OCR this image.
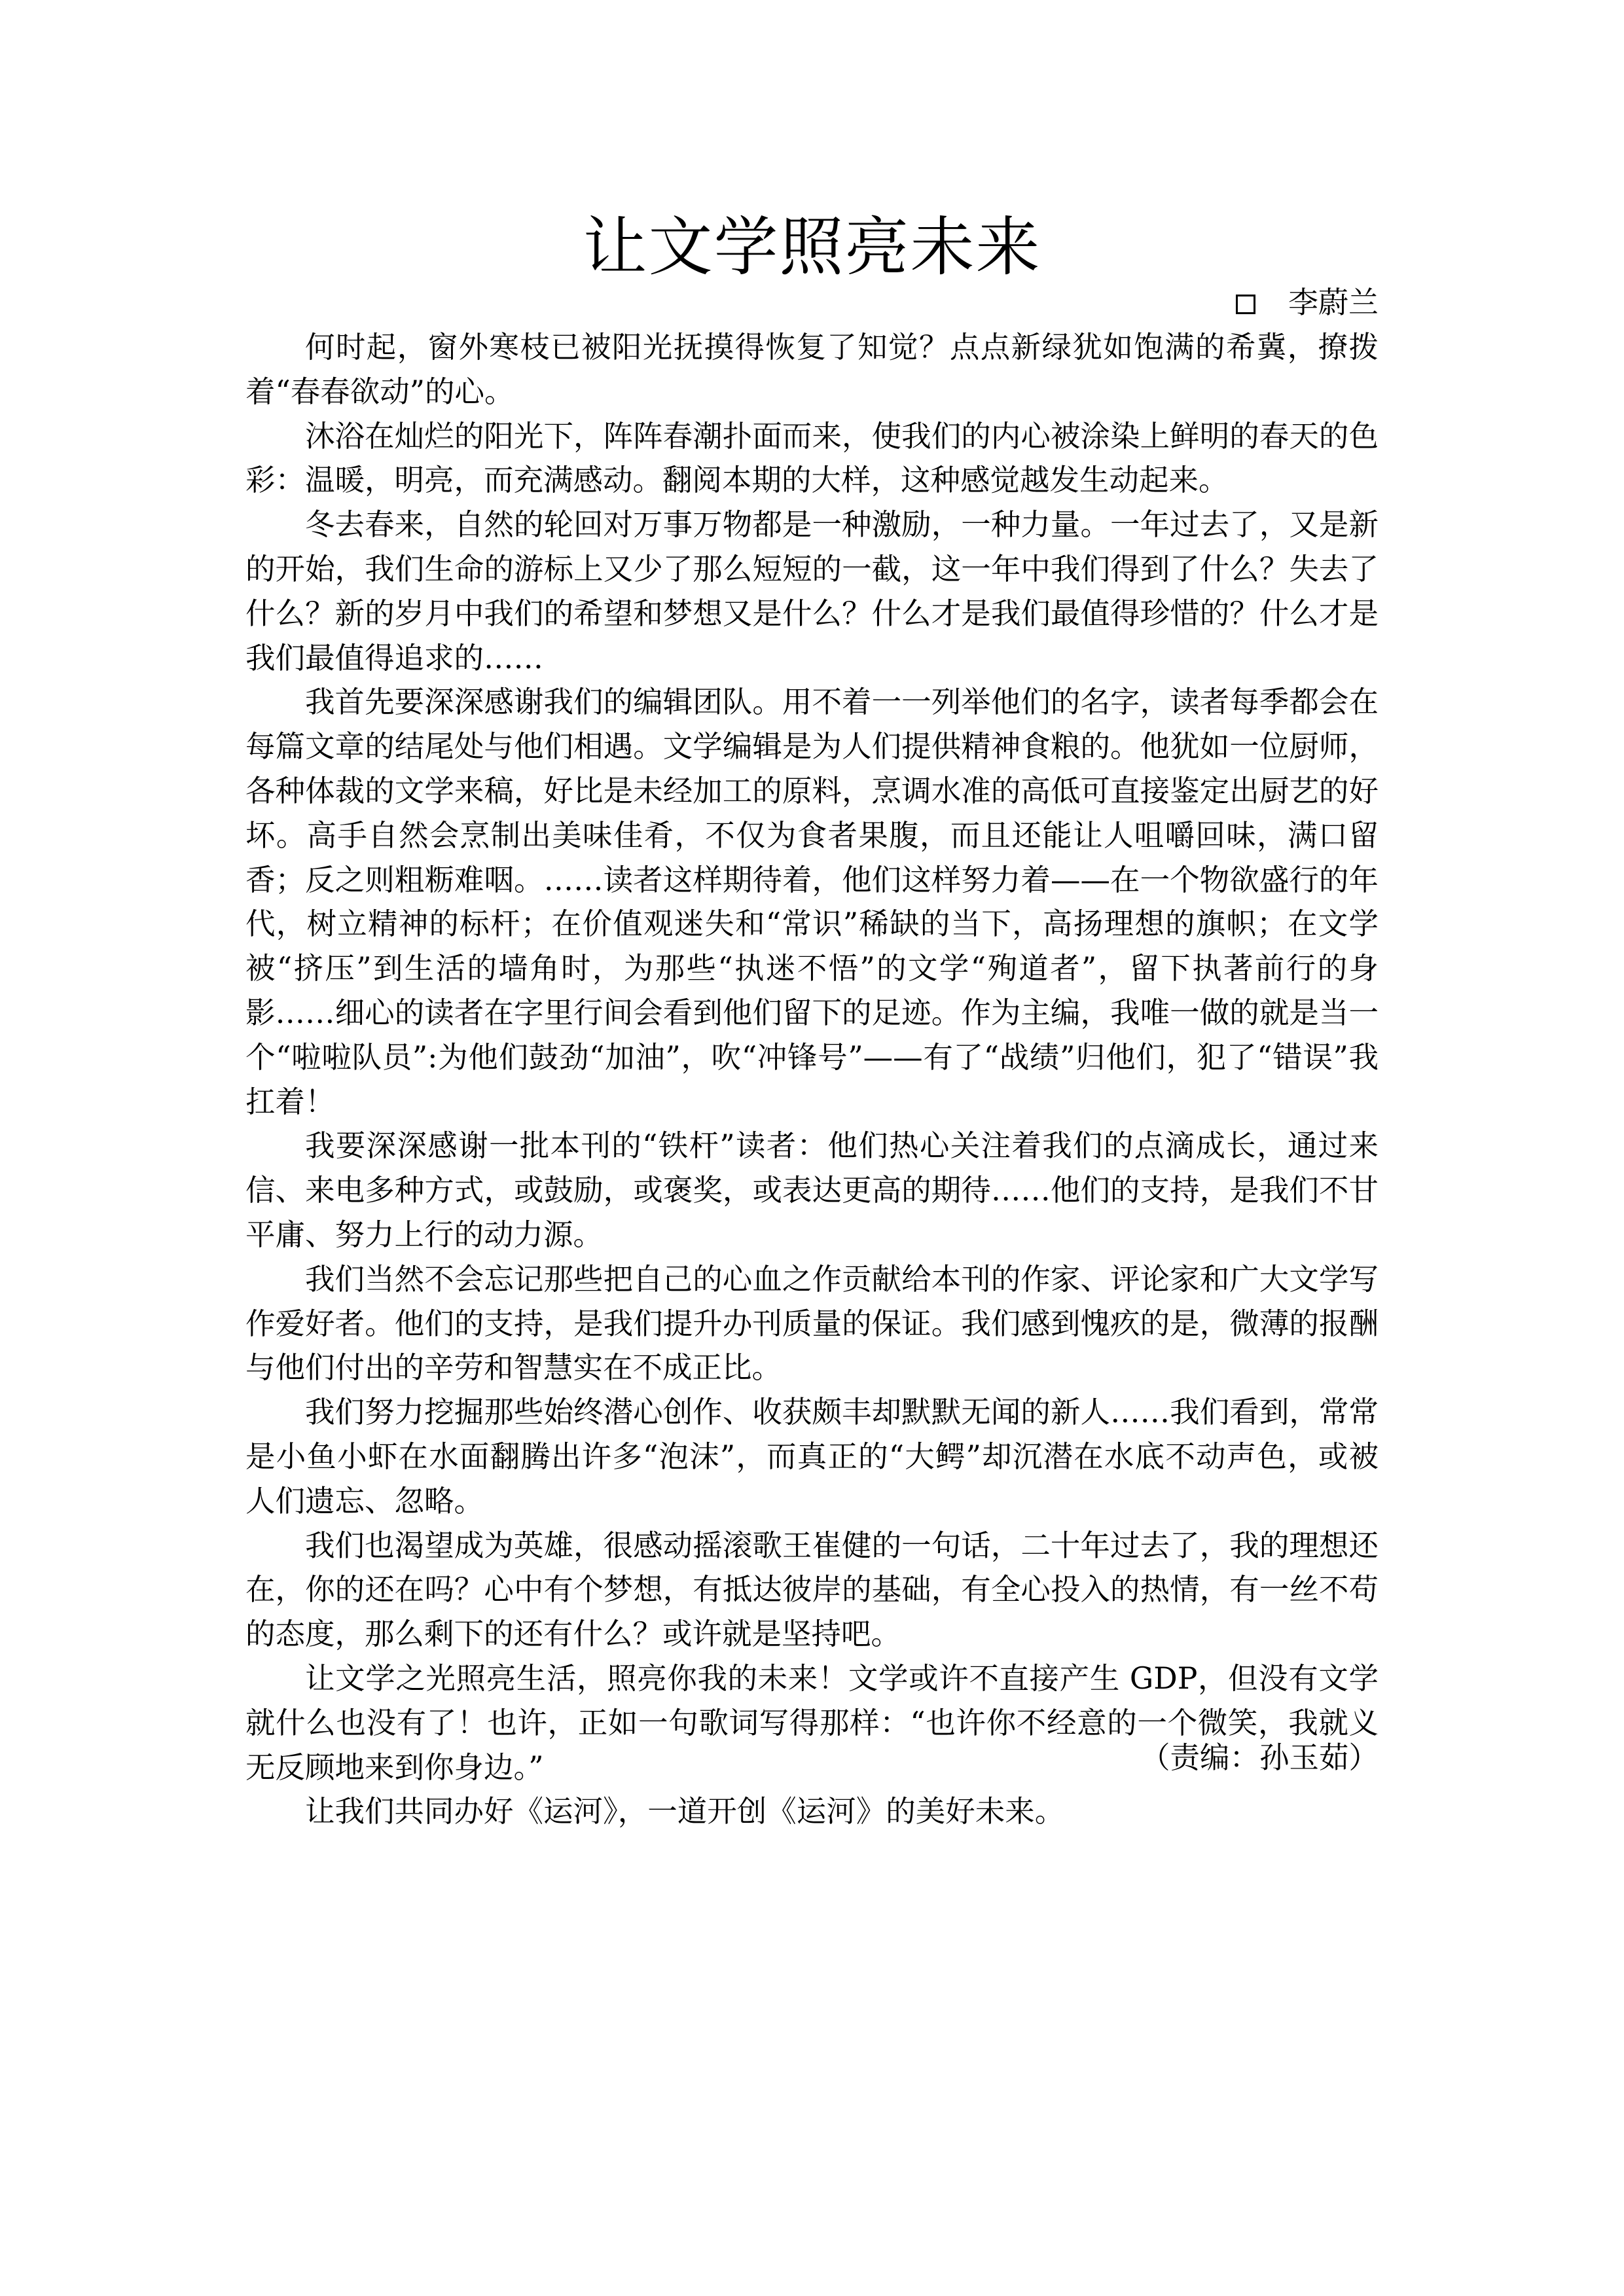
让文学照亮未来
李蔚兰

何时起，窗外寒枝已被阳光抚摸得恢复了知觉？点点新绿犹如饱满的希冀，撩拨着“春春欲动”的心。

沐浴在灿烂的阳光下，阵阵春潮扑面而来，使我们的内心被涂染上鲜明的春天的色彩：温暖，明亮，而充满感动。翻阅本期的大样，这种感觉越发生动起来。

冬去春来，自然的轮回对万事万物都是一种激励，一种力量。一年过去了，又是新的开始，我们生命的游标上又少了那么短短的一截，这一年中我们得到了什么？失去了什么？新的岁月中我们的希望和梦想又是什么？什么才是我们最值得珍惜的？什么才是我们最值得追求的……

我首先要深深感谢我们的编辑团队。用不着一一列举他们的名字，读者每季都会在每篇文章的结尾处与他们相遇。文学编辑是为人们提供精神食粮的。他犹如一位厨师，各种体裁的文学来稿，好比是未经加工的原料，烹调水准的高低可直接鉴定出厨艺的好坏。高手自然会烹制出美味佳肴，不仅为食者果腹，而且还能让人咀嚼回味，满口留香；反之则粗粝难咽。……读者这样期待着，他们这样努力着——在一个物欲盛行的年代，树立精神的标杆；在价值观迷失和“常识”稀缺的当下，高扬理想的旗帜；在文学被“挤压”到生活的墙角时，为那些“执迷不悟”的文学“殉道者”，留下执著前行的身影……细心的读者在字里行间会看到他们留下的足迹。作为主编，我唯一做的就是当一个“啦啦队员”:为他们鼓劲“加油”，吹“冲锋号”——有了“战绩”归他们，犯了“错误”我扛着！

我要深深感谢一批本刊的“铁杆”读者：他们热心关注着我们的点滴成长，通过来信、来电多种方式，或鼓励，或褒奖，或表达更高的期待……他们的支持，是我们不甘平庸、努力上行的动力源。

我们当然不会忘记那些把自己的心血之作贡献给本刊的作家、评论家和广大文学写作爱好者。他们的支持，是我们提升办刊质量的保证。我们感到愧疚的是，微薄的报酬与他们付出的辛劳和智慧实在不成正比。

我们努力挖掘那些始终潜心创作、收获颇丰却默默无闻的新人……我们看到，常常是小鱼小虾在水面翻腾出许多“泡沫”，而真正的“大鳄”却沉潜在水底不动声色，或被人们遗忘、忽略。

我们也渴望成为英雄，很感动摇滚歌王崔健的一句话，二十年过去了，我的理想还在，你的还在吗？心中有个梦想，有抵达彼岸的基础，有全心投入的热情，有一丝不苟的态度，那么剩下的还有什么？或许就是坚持吧。

让文学之光照亮生活，照亮你我的未来！文学或许不直接产生 GDP，但没有文学就什么也没有了！也许，正如一句歌词写得那样：“也许你不经意的一个微笑，我就义无反顾地来到你身边。”

让我们共同办好《运河》，一道开创《运河》的美好未来。

（责编：孙玉茹）
